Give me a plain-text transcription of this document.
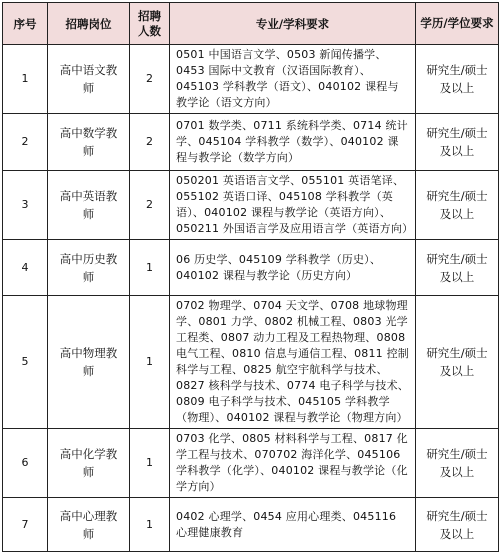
序号	招聘岗位	招聘人数	专业/学科要求	学历/学位要求

1	高中语文教师	2	0501 中国语言文学、0503 新闻传播学、0453 国际中文教育（汉语国际教育）、045103 学科教学（语文）、040102 课程与教学论（语文方向）	研究生/硕士及以上

2	高中数学教师	2	0701 数学类、0711 系统科学类、0714 统计学、045104 学科教学（数学）、040102 课程与教学论（数学方向）	研究生/硕士及以上

3	高中英语教师	2	050201 英语语言文学、055101 英语笔译、055102 英语口译、045108 学科教学（英语）、040102 课程与教学论（英语方向）、050211 外国语言学及应用语言学（英语方向）	研究生/硕士及以上

4	高中历史教师	1	06 历史学、045109 学科教学（历史）、040102 课程与教学论（历史方向）	研究生/硕士及以上

5	高中物理教师	1	0702 物理学、0704 天文学、0708 地球物理学、0801 力学、0802 机械工程、0803 光学工程类、0807 动力工程及工程热物理、0808 电气工程、0810 信息与通信工程、0811 控制科学与工程、0825 航空宇航科学与技术、0827 核科学与技术、0774 电子科学与技术、0809 电子科学与技术、045105 学科教学（物理）、040102 课程与教学论（物理方向）	研究生/硕士及以上

6	高中化学教师	1	0703 化学、0805 材料科学与工程、0817 化学工程与技术、070702 海洋化学、045106 学科教学（化学）、040102 课程与教学论（化学方向）	研究生/硕士及以上

7	高中心理教师	1	0402 心理学、0454 应用心理类、045116 心理健康教育	研究生/硕士及以上
